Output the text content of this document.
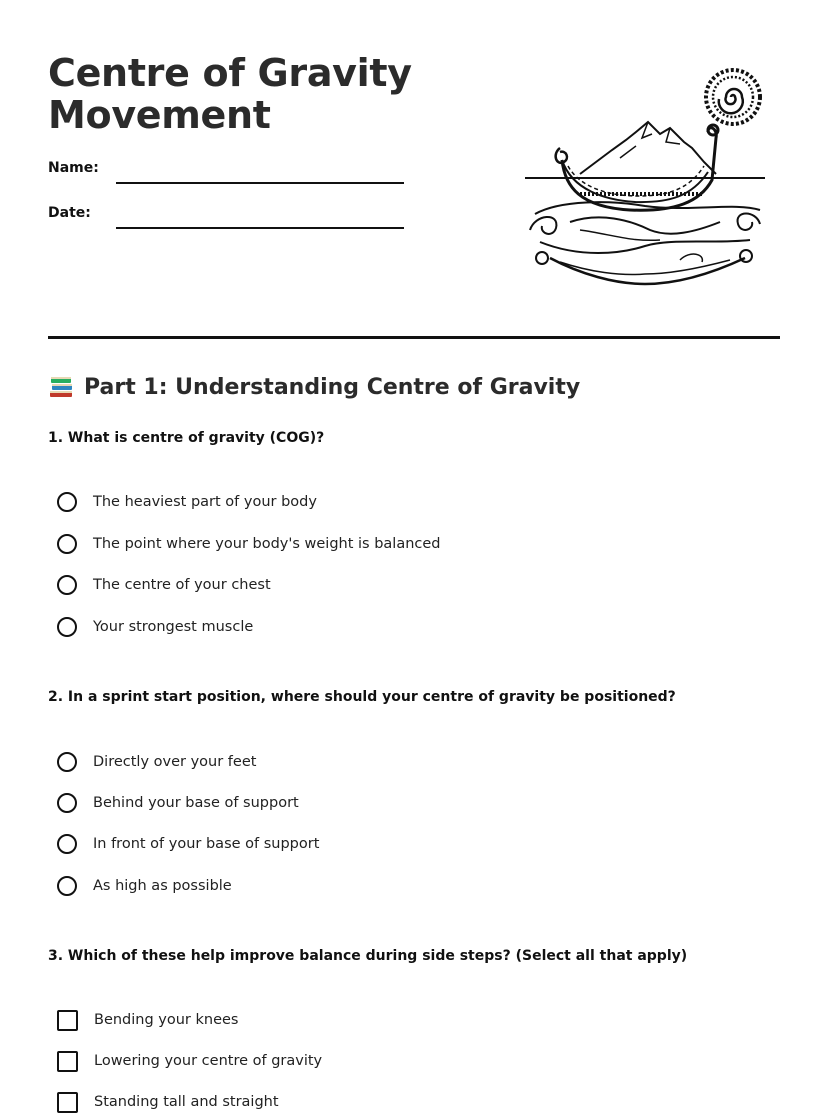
Centre of Gravity
Movement
Name:
Date:
Part 1: Understanding Centre of Gravity

1. What is centre of gravity (COG)?

The heaviest part of your body
The point where your body's weight is balanced
The centre of your chest
Your strongest muscle

2. In a sprint start position, where should your centre of gravity be positioned?

Directly over your feet
Behind your base of support
In front of your base of support
As high as possible

3. Which of these help improve balance during side steps? (Select all that apply)

Bending your knees
Lowering your centre of gravity
Standing tall and straight
